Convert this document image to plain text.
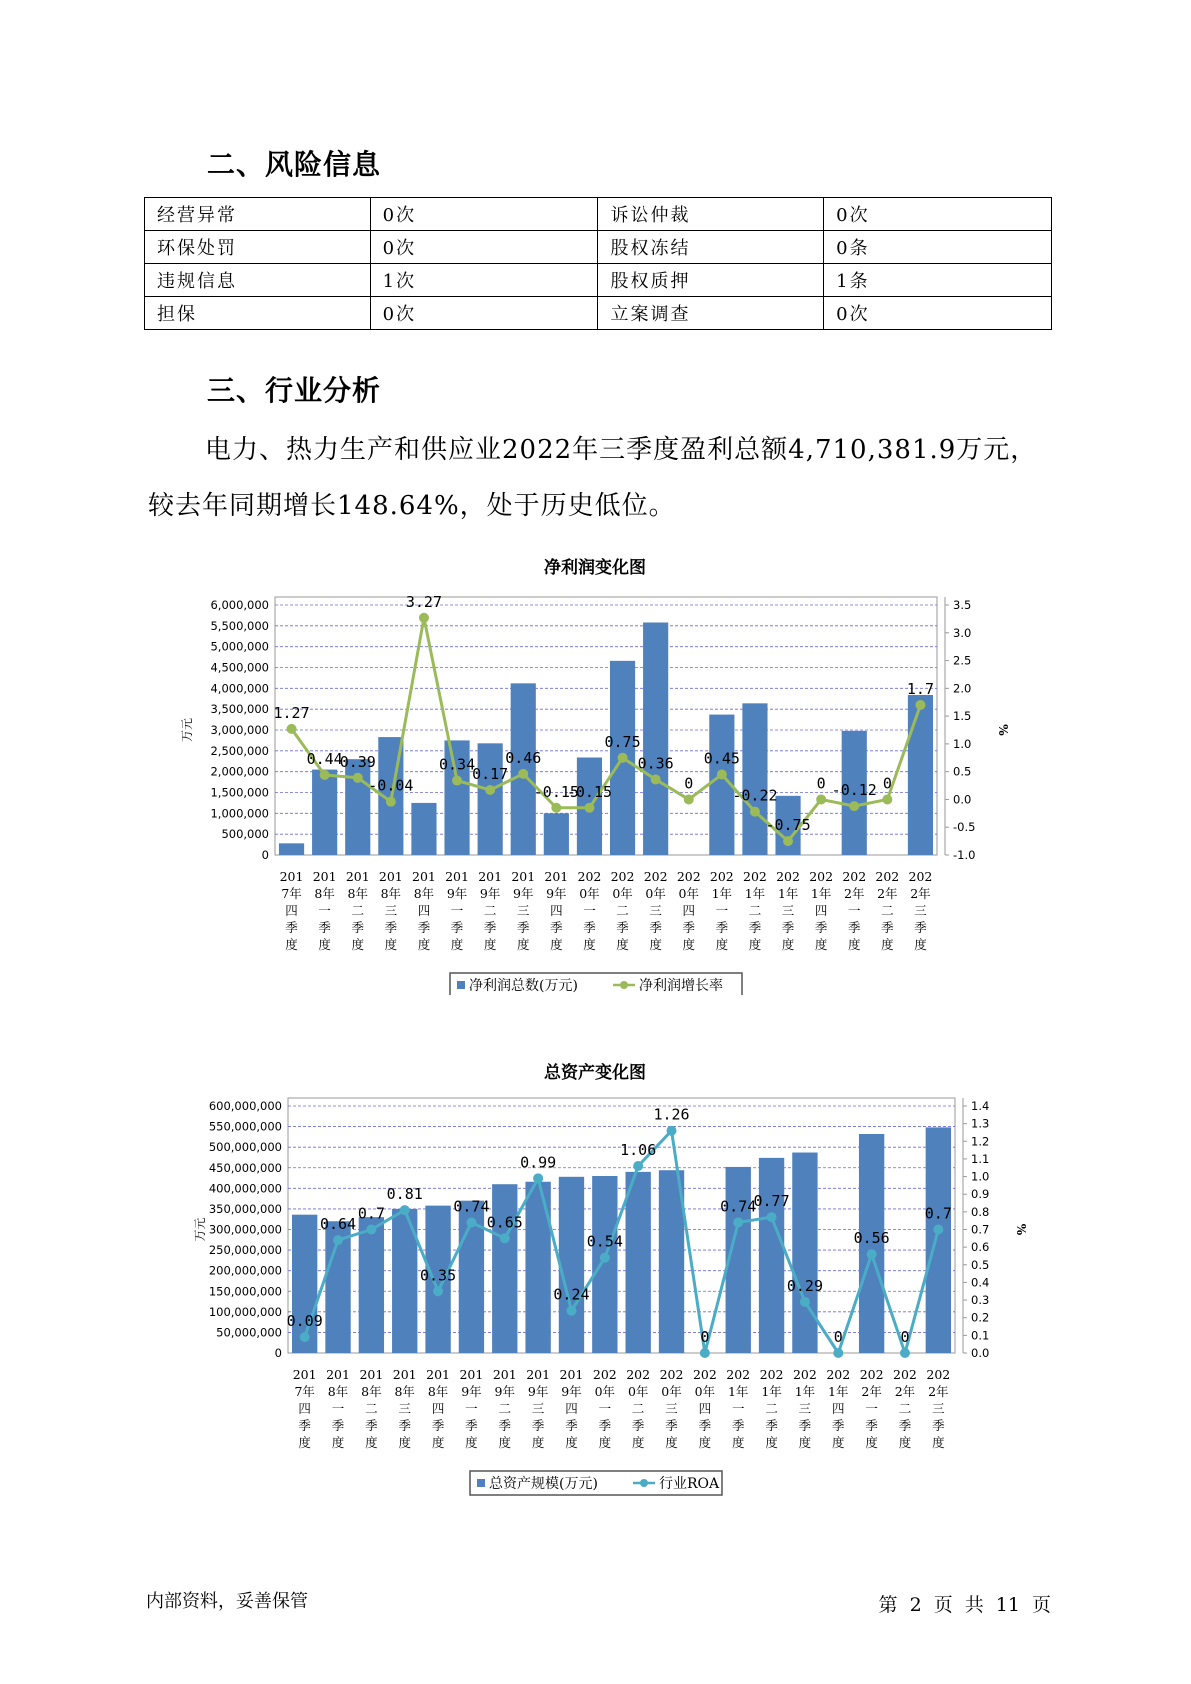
二、风险信息
经营异常	0次	诉讼仲裁	0次
环保处罚	0次	股权冻结	0条
违规信息	1次	股权质押	1条
担保	0次	立案调查	0次
三、行业分析

电力、热力生产和供应业2022年三季度盈利总额4,710,381.9万元，较去年同期增长148.64%，处于历史低位。

净利润变化图
0
500,000
1,000,000
1,500,000
2,000,000
2,500,000
3,000,000
3,500,000
4,000,000
4,500,000
5,000,000
5,500,000
6,000,000
-1.0
-0.5
0.0
0.5
1.0
1.5
2.0
2.5
3.0
3.5
万元	%
1.27
0.44
0.39
-0.04
3.27
0.34
0.17
0.46
-0.15
-0.15
0.75
0.36
0
0.45
-0.22
-0.75
0 -0.12 0
1.7
201 7年四季度
201 8年一季度
201 8年二季度
201 8年三季度
201 8年四季度
201 9年一季度
201 9年二季度
201 9年三季度
201 9年四季度
202 0年一季度
202 0年二季度
202 0年三季度
202 0年四季度
202 1年一季度
202 1年二季度
202 1年三季度
202 1年四季度
202 2年一季度
202 2年二季度
202 2年三季度
净利润总数(万元)	净利润增长率
总资产变化图
0
50,000,000
100,000,000
150,000,000
200,000,000
250,000,000
300,000,000
350,000,000
400,000,000
450,000,000
500,000,000
550,000,000
600,000,000
0.0
0.1
0.2
0.3
0.4
0.5
0.6
0.7
0.8
0.9
1.0
1.1
1.2
1.3
1.4
万元	%
0.09
0.64
0.7
0.81
0.35
0.74
0.65
0.99
0.24
0.54
1.06
1.26
0
0.74
0.77
0.29
0
0.56
0
0.7
201 7年四季度
201 8年一季度
201 8年二季度
201 8年三季度
201 8年四季度
201 9年一季度
201 9年二季度
201 9年三季度
201 9年四季度
202 0年一季度
202 0年二季度
202 0年三季度
202 0年四季度
202 1年一季度
202 1年二季度
202 1年三季度
202 1年四季度
202 2年一季度
202 2年二季度
202 2年三季度
总资产规模(万元)	行业ROA
内部资料，妥善保管	第 2 页 共 11 页
